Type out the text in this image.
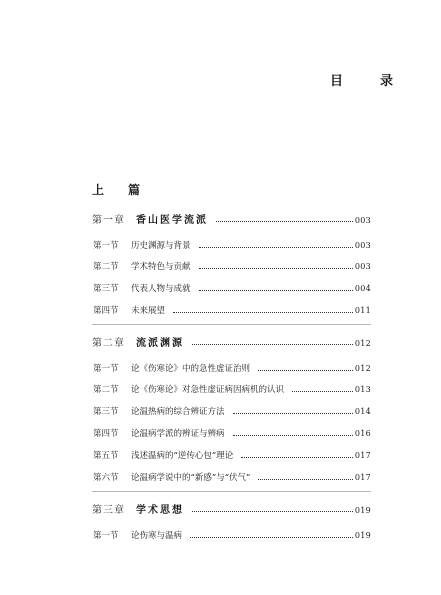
目　录
上　篇
第一章	香山医学流派	003
第一节	历史渊源与背景	003
第二节	学术特色与贡献	003
第三节	代表人物与成就	004
第四节	未来展望	011
第二章	流派渊源	012
第一节	论《伤寒论》中的急性虚证治则	012
第二节	论《伤寒论》对急性虚证病因病机的认识	013
第三节	论温热病的综合辨证方法	014
第四节	论温病学派的辨证与辨病	016
第五节	浅述温病的“逆传心包”理论	017
第六节	论温病学说中的“新感”与“伏气”	017
第三章	学术思想	019
第一节	论伤寒与温病	019
